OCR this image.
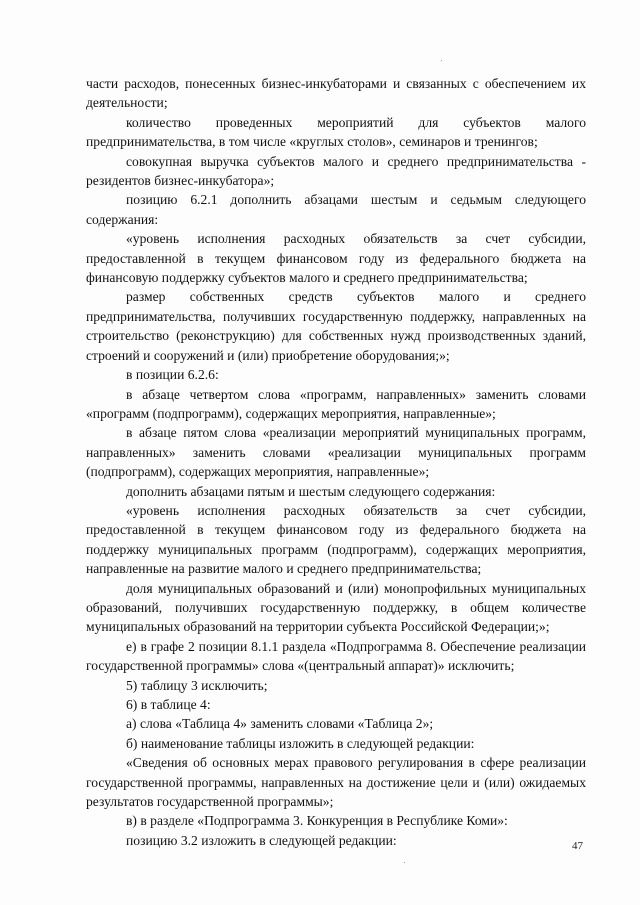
части расходов, понесенных бизнес-инкубаторами и связанных с обеспечением их деятельности;

количество проведенных мероприятий для субъектов малого предпринимательства, в том числе «круглых столов», семинаров и тренингов;

совокупная выручка субъектов малого и среднего предпринимательства - резидентов бизнес-инкубатора»;

позицию 6.2.1 дополнить абзацами шестым и седьмым следующего содержания:

«уровень исполнения расходных обязательств за счет субсидии, предоставленной в текущем финансовом году из федерального бюджета на финансовую поддержку субъектов малого и среднего предпринимательства;

размер собственных средств субъектов малого и среднего предпринимательства, получивших государственную поддержку, направленных на строительство (реконструкцию) для собственных нужд производственных зданий, строений и сооружений и (или) приобретение оборудования;»;

в позиции 6.2.6:

в абзаце четвертом слова «программ, направленных» заменить словами «программ (подпрограмм), содержащих мероприятия, направленные»;

в абзаце пятом слова «реализации мероприятий муниципальных программ, направленных» заменить словами «реализации муниципальных программ (подпрограмм), содержащих мероприятия, направленные»;

дополнить абзацами пятым и шестым следующего содержания:

«уровень исполнения расходных обязательств за счет субсидии, предоставленной в текущем финансовом году из федерального бюджета на поддержку муниципальных программ (подпрограмм), содержащих мероприятия, направленные на развитие малого и среднего предпринимательства;

доля муниципальных образований и (или) монопрофильных муниципальных образований, получивших государственную поддержку, в общем количестве муниципальных образований на территории субъекта Российской Федерации;»;

е) в графе 2 позиции 8.1.1 раздела «Подпрограмма 8. Обеспечение реализации государственной программы» слова «(центральный аппарат)» исключить;

5) таблицу 3 исключить;

6) в таблице 4:

а) слова «Таблица 4» заменить словами «Таблица 2»;

б) наименование таблицы изложить в следующей редакции:

«Сведения об основных мерах правового регулирования в сфере реализации государственной программы, направленных на достижение цели и (или) ожидаемых результатов государственной программы»;

в) в разделе «Подпрограмма 3. Конкуренция в Республике Коми»:

позицию 3.2 изложить в следующей редакции:	47
